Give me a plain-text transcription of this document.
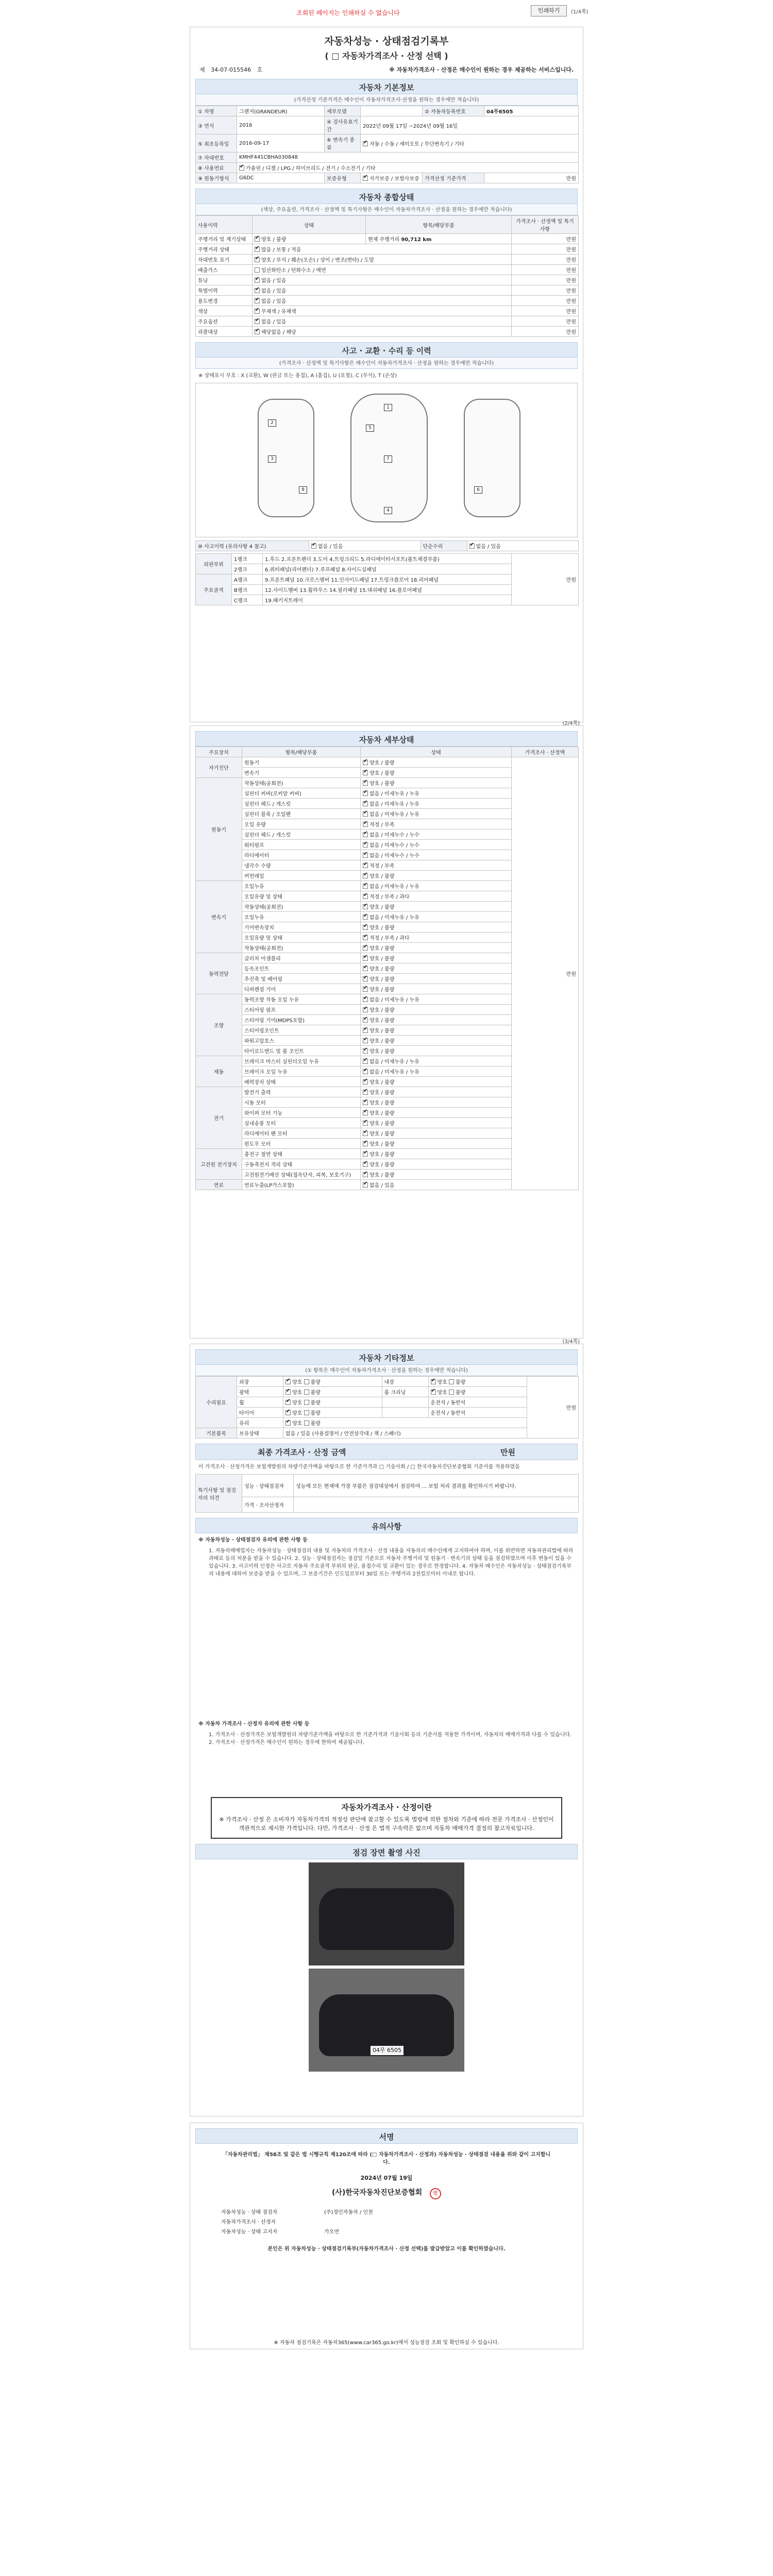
조회된 페이지는 인쇄하실 수 없습니다	인쇄하기	(1/4쪽)
자동차성능 · 상태점검기록부
( □ 자동차가격조사 · 산정 선택 )
제 34-07-015546 호	※ 자동차가격조사 · 산정은 매수인이 원하는 경우 제공하는 서비스입니다.
자동차 기본정보
(가격산정 기준가격은 매수인이 자동차가격조사·산정을 원하는 경우에만 적습니다)
① 차명	그랜저(GRANDEUR)	세부모델		② 자동차등록번호	04무6505
③ 연식	2016	④ 검사유효기간	2022년 09월 17일 ~2024년 09월 16일		
⑤ 최초등록일	2016-09-17	⑥ 변속기 종류	✔자동 / 수동 / 세미오토 / 무단변속기 / 기타
⑦ 차대번호	KMHF441CBHA030848				
⑧ 사용연료	✔가솔린 / 디젤 / LPG / 하이브리드 / 전기 / 수소전기 / 기타
⑨ 원동기형식	G6DC	보증유형	✔자가보증 / 보험사보증	가격산정 기준가격	만원
자동차 종합상태
(색상, 주요옵션, 가격조사 · 산정액 및 특기사항은 매수인이 자동차가격조사 · 산정을 원하는 경우에만 적습니다)
사용이력	상태	항목/해당부품	가격조사 · 산정액 및 특기사항
주행거리 및 계기상태	✔양호 / 불량	현재 주행거리 90,712 km	만원
주행거리 상태	✔많음 / 보통 / 적음		만원
차대번호 표기	✔양호 / 부식 / 훼손(오손) / 상이 / 변조(변타) / 도말		만원
배출가스	일산화탄소 / 탄화수소 / 매연		만원
튜닝	✔없음 / 있음		만원
특별이력	✔없음 / 있음		만원
용도변경	✔없음 / 있음		만원
색상	✔무채색 / 유채색		만원
주요옵션	✔없음 / 있음		만원
리콜대상	✔해당없음 / 해당		만원
사고 · 교환 · 수리 등 이력
(가격조사 · 산정액 및 특기사항은 매수인이 자동차가격조사 · 산정을 원하는 경우에만 적습니다)
※ 상태표시 부호 : X (교환), W (판금 또는 용접), A (흠집), U (요철), C (부식), T (손상)
1
2
3
4
5
6
7
8
⑩ 사고이력 (유의사항 4 참고)	✔없음 / 있음	단순수리	✔없음 / 있음
외판부위	1랭크	1.후드 2.프론트펜더 3.도어 4.트렁크리드 5.라디에이터서포트(볼트체결부품)	만원
	2랭크	6.쿼터패널(리어펜더) 7.루프패널 8.사이드실패널	
주요골격	A랭크	9.프론트패널 10.크로스멤버 11.인사이드패널 17.트렁크플로어 18.리어패널	
	B랭크	12.사이드멤버 13.휠하우스 14.필러패널 15.대쉬패널 16.플로어패널	
	C랭크	19.패키지트레이	
(2/4쪽)
자동차 세부상태
주요장치	항목/해당부품	상태	가격조사 · 산정액
자기진단	원동기	✔양호 / 불량	만원
	변속기	✔양호 / 불량
원동기	작동상태(공회전)	✔양호 / 불량
	실린더 커버(로커암 커버)	✔없음 / 미세누유 / 누유
	실린더 헤드 / 개스킷	✔없음 / 미세누유 / 누유
	실린더 블록 / 오일팬	✔없음 / 미세누유 / 누유
	오일 유량	✔적정 / 부족
	실린더 헤드 / 개스킷	✔없음 / 미세누수 / 누수
	워터펌프	✔없음 / 미세누수 / 누수
	라디에이터	✔없음 / 미세누수 / 누수
	냉각수 수량	✔적정 / 부족
	커먼레일	✔양호 / 불량
변속기	오일누유	✔없음 / 미세누유 / 누유
	오일유량 및 상태	✔적정 / 부족 / 과다
	작동상태(공회전)	✔양호 / 불량
	오일누유	✔없음 / 미세누유 / 누유
	기어변속장치	✔양호 / 불량
	오일유량 및 상태	✔적정 / 부족 / 과다
	작동상태(공회전)	✔양호 / 불량
동력전달	클러치 어셈블리	✔양호 / 불량
	등속조인트	✔양호 / 불량
	추진축 및 베어링	✔양호 / 불량
	디퍼렌셜 기어	✔양호 / 불량
조향	동력조향 작동 오일 누유	✔없음 / 미세누유 / 누유
	스티어링 펌프	✔양호 / 불량
	스티어링 기어(MDPS포함)	✔양호 / 불량
	스티어링조인트	✔양호 / 불량
	파워고압호스	✔양호 / 불량
	타이로드엔드 및 볼 조인트	✔양호 / 불량
제동	브레이크 마스터 실린더오일 누유	✔없음 / 미세누유 / 누유
	브레이크 오일 누유	✔없음 / 미세누유 / 누유
	배력장치 상태	✔양호 / 불량
전기	발전기 출력	✔양호 / 불량
	시동 모터	✔양호 / 불량
	와이퍼 모터 기능	✔양호 / 불량
	실내송풍 모터	✔양호 / 불량
	라디에이터 팬 모터	✔양호 / 불량
	윈도우 모터	✔양호 / 불량
고전원 전기장치	충전구 절연 상태	✔양호 / 불량
	구동축전지 격리 상태	✔양호 / 불량
	고전원전기배선 상태(접속단자, 피복, 보호기구)	✔양호 / 불량
연료	연료누출(LP가스포함)	✔없음 / 있음
(3/4쪽)
자동차 기타정보
(① 항목은 매수인이 자동차가격조사 · 산정을 원하는 경우에만 적습니다)
수리필요	외장	✔양호 불량	내장	✔양호 불량	만원
	광택	✔양호 불량	룸 크리닝	✔양호 불량
	휠	✔양호 불량		운전석 / 동반석	
	타이어	✔양호 불량		운전석 / 동반석	
	유리	✔양호 불량
기본품목	보유상태	없음 / 있음 (사용설명서 / 안전삼각대 / 잭 / 스패너)			
최종 가격조사 · 산정 금액	만원
이 가격조사 · 산정가격은 보험개발원의 차량기준가액을 바탕으로 한 기준가격과 □ 기술사회 / □ 한국자동차진단보증협회 기준서를 적용하였음
특기사항 및 점검자의 의견	성능 · 상태점검자	성능에 모든 현재에 가장 부품은 점검대상에서 점검하여 ... 보험 처리 결과를 확인하시기 바랍니다.
	가격 · 조사산정자	
유의사항
※ 자동차성능 · 상태점검자 유의에 관한 사항 등
1. 자동차매매업자는 자동차성능 · 상태점검의 내용 및 자동차의 가격조사 · 산정 내용을 자동차의 매수인에게 고지하여야 하며, 이를 위반하면 자동차관리법에 따라 과태료 등의 처분을 받을 수 있습니다. 2. 성능 · 상태점검자는 점검일 기준으로 자동차 주행거리 및 원동기 · 변속기의 상태 등을 점검하였으며 이후 변동이 있을 수 있습니다. 3. 사고이력 인정은 사고로 자동차 주요골격 부위의 판금, 용접수리 및 교환이 있는 경우로 한정합니다. 4. 자동차 매수인은 자동차성능 · 상태점검기록부의 내용에 대하여 보증을 받을 수 있으며, 그 보증기간은 인도일로부터 30일 또는 주행거리 2천킬로미터 이내로 합니다.
※ 자동차 가격조사 · 산정자 유의에 관한 사항 등
1. 가격조사 · 산정가격은 보험개발원의 차량기준가액을 바탕으로 한 기준가격과 기술사회 등의 기준서를 적용한 가격이며, 자동차의 매매가격과 다를 수 있습니다. 2. 가격조사 · 산정가격은 매수인이 원하는 경우에 한하여 제공됩니다.
자동차가격조사 · 산정이란
※ 가격조사 · 산정 은 소비자가 자동차가격의 적정성 판단에 참고할 수 있도록 법령에 의한 절차와 기준에 따라 전문 가격조사 · 산정인이 객관적으로 제시한 가격입니다. 다만, 가격조사 · 산정 은 법적 구속력은 없으며 자동차 매매가격 결정의 참고자료입니다.
점검 장면 촬영 사진
04무 6505
서명
「자동차관리법」 제58조 및 같은 법 시행규칙 제120조에 따라 (□ 자동차가격조사 · 산정과) 자동차성능 · 상태점검 내용을 위와 같이 고지합니다.
2024년 07월 19일
(사)한국자동차진단보증협회 인
자동차성능 · 상태 점검자	(주)경인자동차 / 인천
자동차가격조사 · 산정자
자동차성능 · 상태 고지자	가오연
본인은 위 자동차성능 · 상태점검기록부(자동차가격조사 · 산정 선택)를 발급받았고 이를 확인하였습니다.
※ 자동차 점검기록은 자동차365(www.car365.go.kr)에서 성능점검 조회 및 확인하실 수 있습니다.
